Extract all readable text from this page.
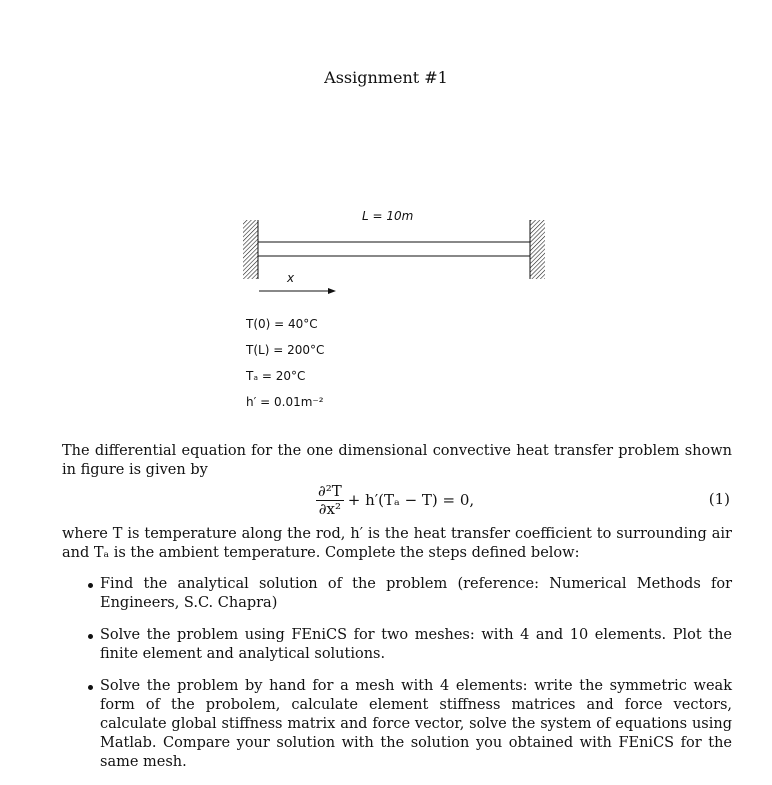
Assignment #1
L = 10m
x
T(0) = 40°C
T(L) = 200°C
Tₐ = 20°C
h′ = 0.01m⁻²
The differential equation for the one dimensional convective heat transfer problem shown in figure is given by
$\frac{\text{∂²T}}{\text{∂x²}} + h'(T_a - T) = 0$,	(1)
where T is temperature along the rod, h′ is the heat transfer coefficient to surrounding air and Tₐ is the ambient temperature. Complete the steps defined below:
Find the analytical solution of the problem (reference: Numerical Methods for Engineers, S.C. Chapra)
Solve the problem using FEniCS for two meshes: with 4 and 10 elements. Plot the finite element and analytical solutions.
Solve the problem by hand for a mesh with 4 elements: write the symmetric weak form of the probolem, calculate element stiffness matrices and force vectors, calculate global stiffness matrix and force vector, solve the system of equations using Matlab. Compare your solution with the solution you obtained with FEniCS for the same mesh.
